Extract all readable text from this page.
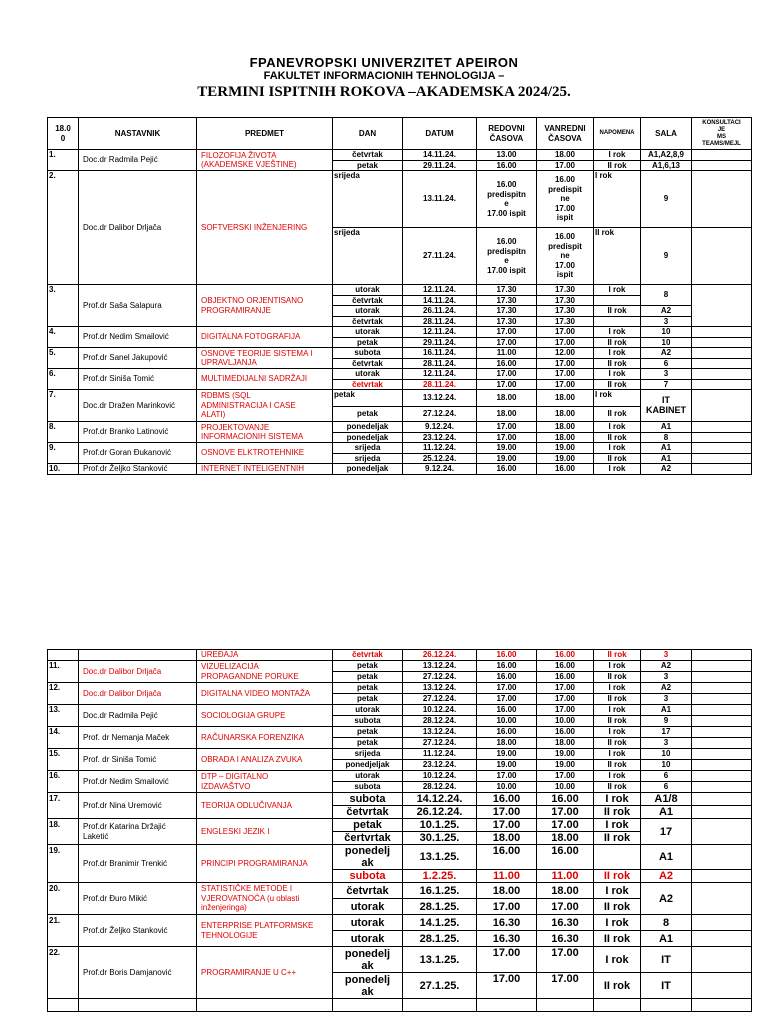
FPANEVROPSKI UNIVERZITET APEIRON
FAKULTET INFORMACIONIH TEHNOLOGIJA –
TERMINI ISPITNIH ROKOVA –AKADEMSKA 2024/25.
18.0
0	NASTAVNIK	PREDMET	DAN	DATUM	REDOVNI
ČASOVA	VANREDNI
ČASOVA	NAPOMENA	SALA	KONSULTACI
JE
MS
TEAMS/MEJL
1.	Doc.dr Radmila Pejić	FILOZOFIJA ŽIVOTA
(AKADEMSKE VJEŠTINE)	četvrtak	14.11.24.	13.00	18.00	I rok	A1,A2,8,9	
			petak	29.11.24.	16.00	17.00	II rok	A1,6,13	
2.	Doc.dr Dalibor Drljača	SOFTVERSKI INŽENJERING	srijeda	13.11.24.	16.00
predispitn
e
17.00 ispit	16.00
predispit
ne
17.00
ispit	I rok	9	
			srijeda	27.11.24.	16.00
predispitn
e
17.00 ispit	16.00
predispit
ne
17.00
ispit	II rok	9	
3.	Prof.dr Saša Salapura	OBJEKTNO ORJENTISANO
PROGRAMIRANJE	utorak	12.11.24.	17.30	17.30	I rok	8	
			četvrtak	14.11.24.	17.30	17.30			
			utorak	26.11.24.	17.30	17.30	II rok	A2	
			četvrtak	28.11.24.	17.30	17.30		3	
4.	Prof.dr Nedim Smailović	DIGITALNA FOTOGRAFIJA	utorak	12.11.24.	17.00	17.00	I rok	10	
			petak	29.11.24.	17.00	17.00	II rok	10	
5.	Prof.dr Sanel Jakupović	OSNOVE TEORIJE SISTEMA I
UPRAVLJANJA	subota	16.11.24.	11.00	12.00	I rok	A2	
			četvrtak	28.11.24.	16.00	17.00	II rok	6	
6.	Prof.dr Siniša Tomić	MULTIMEDIJALNI SADRŽAJI	utorak	12.11.24.	17.00	17.00	I rok	3	
			četvrtak	28.11.24.	17.00	17.00	II rok	7	
7.	Doc.dr Dražen Marinković	RDBMS (SQL
ADMINISTRACIJA I CASE
ALATI)	petak	13.12.24.	18.00	18.00	I rok	IT
KABINET	
			petak	27.12.24.	18.00	18.00	II rok		
8.	Prof.dr Branko Latinović	PROJEKTOVANJE
INFORMACIONIH SISTEMA	ponedeljak	9.12.24.	17.00	18.00	I rok	A1	
			ponedeljak	23.12.24.	17.00	18.00	II rok	8	
9.	Prof.dr Goran Đukanović	OSNOVE ELKTROTEHNIKE	srijeda	11.12.24.	19.00	19.00	I rok	A1	
			srijeda	25.12.24.	19.00	19.00	II rok	A1	
10.	Prof.dr Željko Stanković	INTERNET INTELIGENTNIH	ponedeljak	9.12.24.	16.00	16.00	I rok	A2	
		UREĐAJA	četvrtak	26.12.24.	16.00	16.00	II rok	3	
11.	Doc.dr Dalibor Drljača	VIZUELIZACIJA
PROPAGANDNE PORUKE	petak	13.12.24.	16.00	16.00	I rok	A2	
			petak	27.12.24.	16.00	16.00	II rok	3	
12.	Doc.dr Dalibor Drljača	DIGITALNA VIDEO MONTAŽA	petak	13.12.24.	17.00	17.00	I rok	A2	
			petak	27.12.24.	17.00	17.00	II rok	3	
13.	Doc.dr Radmila Pejić	SOCIOLOGIJA GRUPE	utorak	10.12.24.	16.00	17.00	I rok	A1	
			subota	28.12.24.	10.00	10.00	II rok	9	
14.	Prof. dr Nemanja Maček	RAČUNARSKA FORENZIKA	petak	13.12.24.	16.00	16.00	I rok	17	
			petak	27.12.24.	18.00	18.00	II rok	3	
15.	Prof. dr Siniša Tomić	OBRADA I ANALIZA ZVUKA	srijeda	11.12.24.	19.00	19.00	I rok	10	
			ponedjeljak	23.12.24.	19.00	19.00	II rok	10	
16.	Prof.dr Nedim Smailović	DTP – DIGITALNO
IZDAVAŠTVO	utorak	10.12.24.	17.00	17.00	I rok	6	
			subota	28.12.24.	10.00	10.00	II rok	6	
17.	Prof.dr Nina Uremović	TEORIJA ODLUČIVANJA	subota	14.12.24.	16.00	16.00	I rok	A1/8	
			četvrtak	26.12.24.	17.00	17.00	II rok	A1	
18.	Prof.dr Katarina Držajić
Laketić	ENGLESKI JEZIK I	petak	10.1.25.	17.00	17.00	I rok	17	
			čertvrtak	30.1.25.	18.00	18.00	II rok		
19.	Prof.dr Branimir Trenkić	PRINCIPI PROGRAMIRANJA	ponedelj
ak	13.1.25.	16.00	16.00		A1	
			subota	1.2.25.	11.00	11.00	II rok	A2	
20.	Prof.dr Đuro Mikić	STATISTIČKE METODE I
VJEROVATNOĆA (u oblasti
inženjeringa)	četvrtak	16.1.25.	18.00	18.00	I rok	A2	
			utorak	28.1.25.	17.00	17.00	II rok		
21.	Prof.dr Željko Stanković	ENTERPRISE PLATFORMSKE
TEHNOLOGIJE	utorak	14.1.25.	16.30	16.30	I rok	8	
			utorak	28.1.25.	16.30	16.30	II rok	A1	
22.	Prof.dr Boris Damjanović	PROGRAMIRANJE U C++	ponedelj
ak	13.1.25.	17.00	17.00	I rok	IT	
			ponedelj
ak	27.1.25.	17.00	17.00	II rok	IT	
